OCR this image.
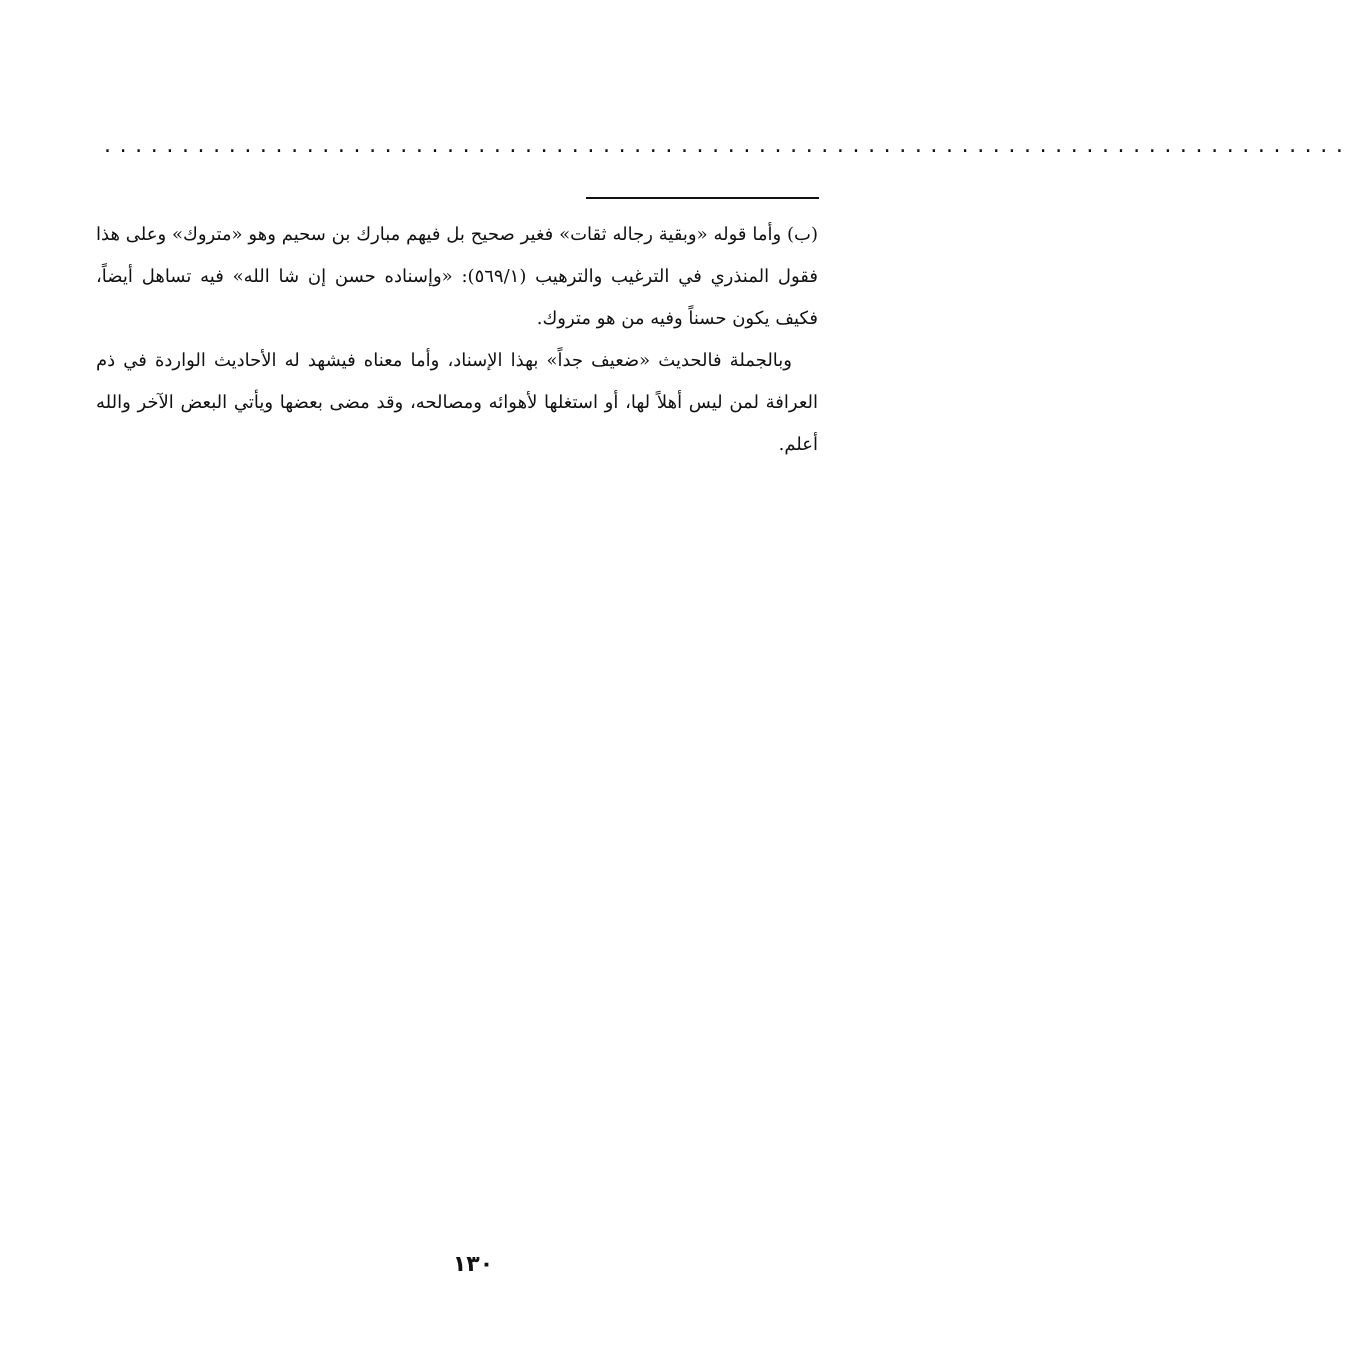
................................................................................

(ب) وأما قوله «وبقية رجاله ثقات» فغير صحيح بل فيهم مبارك بن سحيم وهو «متروك» وعلى هذا فقول المنذري في الترغيب والترهيب (٥٦٩/١): «وإسناده حسن إن شا الله» فيه تساهل أيضاً، فكيف يكون حسناً وفيه من هو متروك.

وبالجملة فالحديث «ضعيف جداً» بهذا الإسناد، وأما معناه فيشهد له الأحاديث الواردة في ذم العرافة لمن ليس أهلاً لها، أو استغلها لأهوائه ومصالحه، وقد مضى بعضها ويأتي البعض الآخر والله أعلم.

١٣٠
